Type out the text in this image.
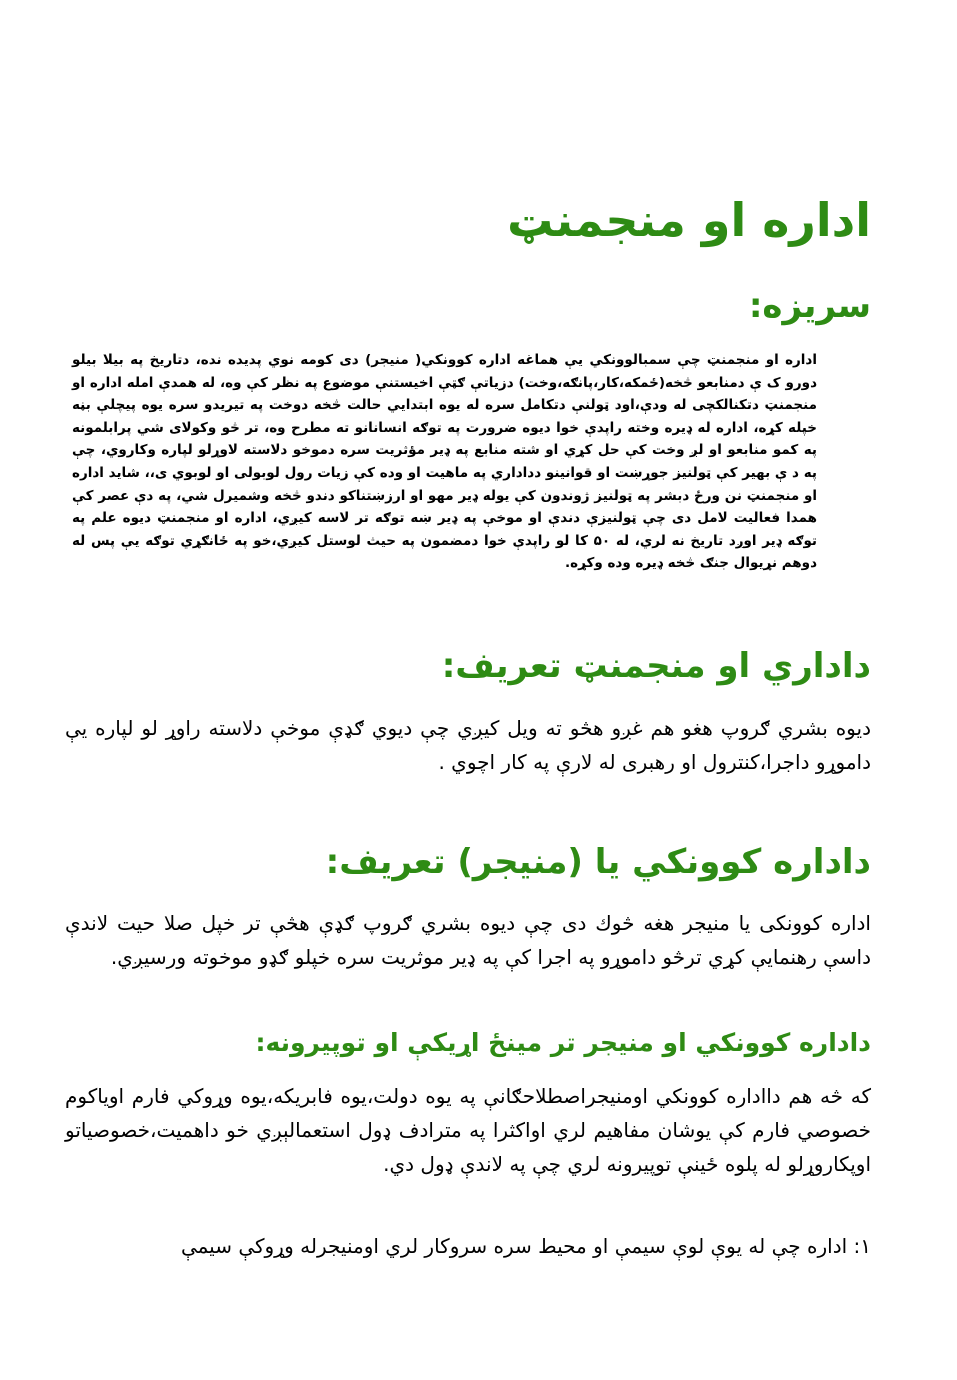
اداره او منجمنټ
سريزه:

اداره او منجمنټ چې سمبالوونکي يې هماغه اداره کوونکي( منيجر) دی کومه نوي پديده نده، دتاريخ په بيلا بيلو دورو ک ې دمنابعو څخه(ځمکه،کار،پانګه،وخت) دزياتې ګټې اخيستنې موضوع په نظر کې وه، له همدې امله اداره او منجمنټ دتکنالکچی له ودې،اود ټولنې دتکامل سره له يوه ابتدايي حالت څخه دوخت په تيريدو سره يوه پيچلې بڼه خپله کړه، اداره له ډيره وخته راپدې خوا ديوه ضرورت په توګه انسانانو ته مطرح وه، تر څو وکولای شي پرابلمونه په کمو منابعو او لږ وخت کې حل کړي او شته منابع په ډير مؤثريت سره دموخو دلاسته لاوړلو لپاره وکاروي، چې په د ې بهير کې ټولنيز جوړښت او قوانينو دداداري په ماهيت او وده کې زيات رول لوبولی او لوبوي ی،، شايد اداره او منجمنټ نن ورځ دبشر په ټولنيز ژوندون کې يوله ډير مهو او ارزښتناکو دندو څخه وشميرل شي، په دې عصر کې همدا فعاليت لامل دی چې ټولنيزې دندې او موخې په ډير ښه توګه تر لاسه کيږي، اداره او منجمنټ ديوه علم په توګه ډير اوږد تاريخ نه لري، له ۵۰ کا لو راپدې خوا دمضمون په حيث لوستل کيږي،خو په ځانګړي توګه يې پس له دوهم نړيوال جنګ څخه ډيره وده وکړه.

داداري او منجمنټ تعريف:

ديوه بشري ګروپ هغو هم غږو هڅو ته ويل کيږي چې ديوي ګډې موخې دلاسته راوړ لو لپاره يې داموړو داجرا،کنترول او رهبری له لارې په کار اچوي .

داداره کوونکي يا (منيجر) تعريف:

اداره کوونکی يا منيجر هغه څوك دی چې ديوه بشري ګروپ ګډې هڅې تر خپل صلا حيت لاندې داسې رهنمايې کړي ترڅو داموړو په اجرا کې په ډير موثريت سره خپلو ګډو موخوته ورسيږي.

داداره کوونکي او منيجر تر مينځ اړيکې او توپيرونه:

كه څه هم دااداره کوونکي اومنيجراصطلاحګانې په يوه دولت،يوه فابريکه،يوه وړوکي فارم اوياکوم خصوصي فارم کې يوشان مفاهيم لري اواکثرا په مترادف ډول استعمالېږي خو داهميت،خصوصياتو اوپکاروړلو له پلوه ځينې توپيرونه لري چې په لاندې ډول دي.

۱: اداره چې له يوې لوې سيمې او محيط سره سروکار لري اومنيجرله وړوکې سيمې
